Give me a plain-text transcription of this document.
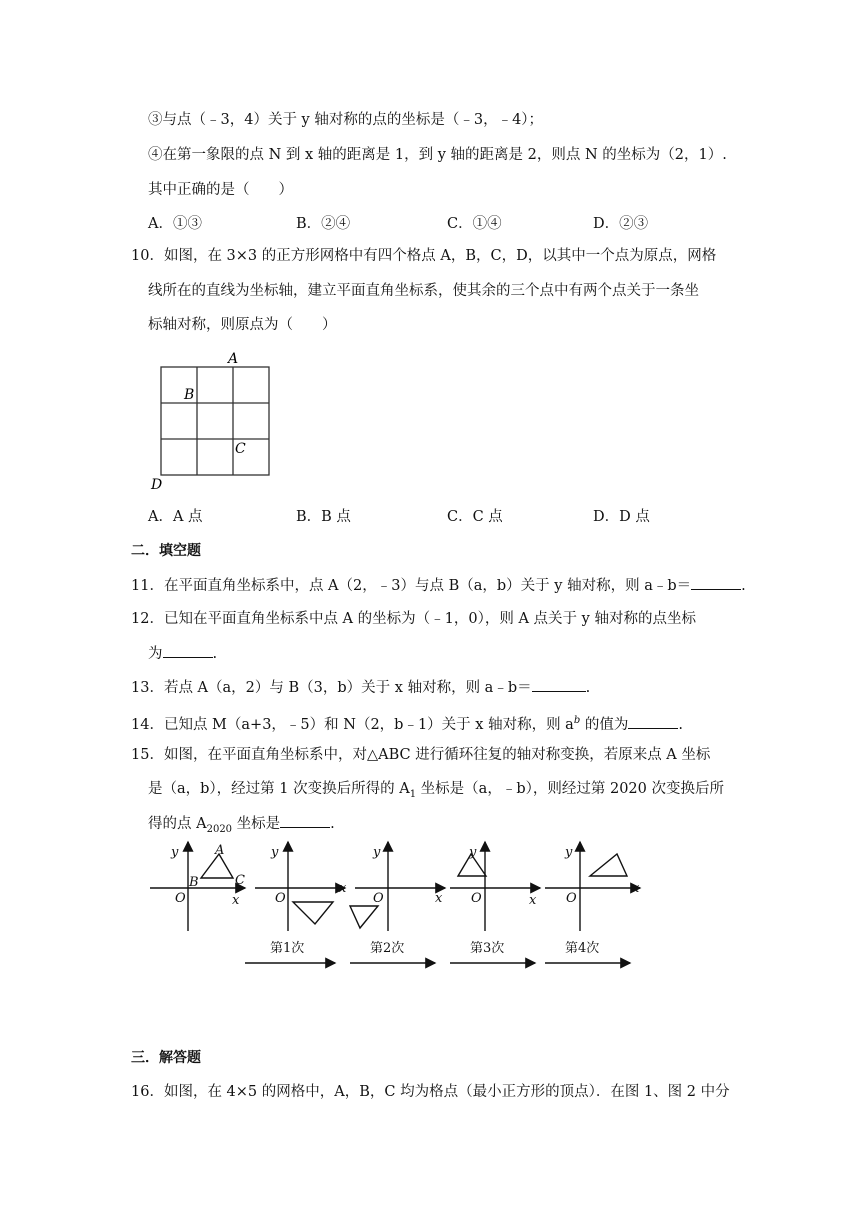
③与点（﹣3，4）关于 y 轴对称的点的坐标是（﹣3，﹣4）；
④在第一象限的点 N 到 x 轴的距离是 1，到 y 轴的距离是 2，则点 N 的坐标为（2，1）.
其中正确的是（　　）
A．①③	B．②④	C．①④	D．②③
10．如图，在 3×3 的正方形网格中有四个格点 A，B，C，D，以其中一个点为原点，网格
线所在的直线为坐标轴，建立平面直角坐标系，使其余的三个点中有两个点关于一条坐
标轴对称，则原点为（　　）
A
B
C
D
A．A 点	B．B 点	C．C 点	D．D 点
二．填空题
11．在平面直角坐标系中，点 A（2，﹣3）与点 B（a，b）关于 y 轴对称，则 a﹣b＝	.
12．已知在平面直角坐标系中点 A 的坐标为（﹣1，0），则 A 点关于 y 轴对称的点坐标
为	.
13．若点 A（a，2）与 B（3，b）关于 x 轴对称，则 a﹣b＝	.
14．已知点 M（a+3，﹣5）和 N（2，b﹣1）关于 x 轴对称，则 $a^b$ 的值为	.
15．如图，在平面直角坐标系中，对△ABC 进行循环往复的轴对称变换，若原来点 A 坐标
是（a，b），经过第 1 次变换后所得的 $A_1$ 坐标是（a，﹣b），则经过第 2020 次变换后所
得的点 $A_{2020}$ 坐标是	.
y
x
O
A
B	C
y
x
O
y
x
O
y
x
O
y
x
O
第1次	第2次	第3次	第4次
三．解答题
16．如图，在 4×5 的网格中，A，B，C 均为格点（最小正方形的顶点）．在图 1、图 2 中分
